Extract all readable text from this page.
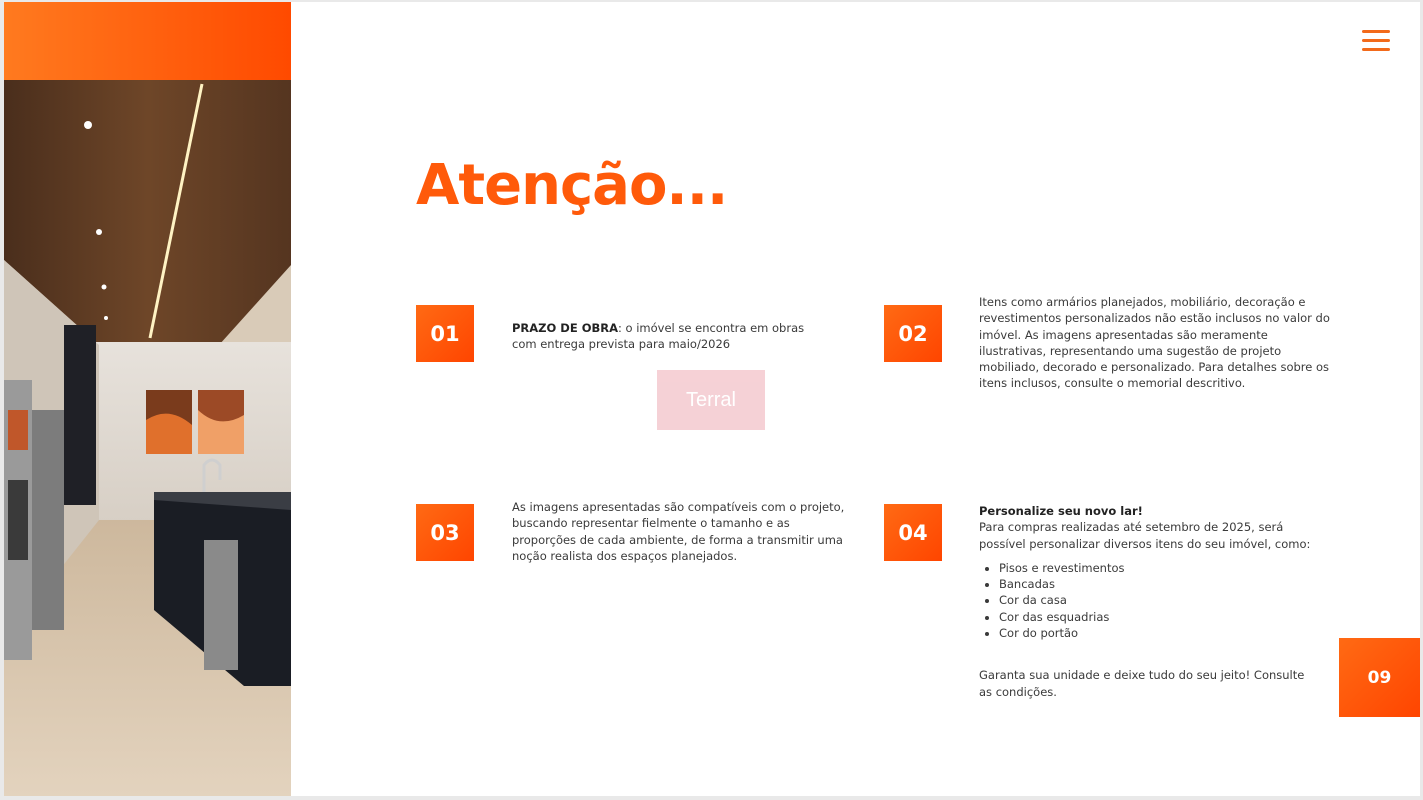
Atenção...
01	PRAZO DE OBRA: o imóvel se encontra em obras com entrega prevista para maio/2026	02
Itens como armários planejados, mobiliário, decoração e revestimentos personalizados não estão inclusos no valor do imóvel. As imagens apresentadas são meramente ilustrativas, representando uma sugestão de projeto mobiliado, decorado e personalizado. Para detalhes sobre os itens inclusos, consulte o memorial descritivo.
Terral
03
As imagens apresentadas são compatíveis com o projeto, buscando representar fielmente o tamanho e as proporções de cada ambiente, de forma a transmitir uma noção realista dos espaços planejados.
04
Personalize seu novo lar!
Para compras realizadas até setembro de 2025, será possível personalizar diversos itens do seu imóvel, como:
• Pisos e revestimentos
• Bancadas
• Cor da casa
• Cor das esquadrias
• Cor do portão
Garanta sua unidade e deixe tudo do seu jeito! Consulte as condições.
09
